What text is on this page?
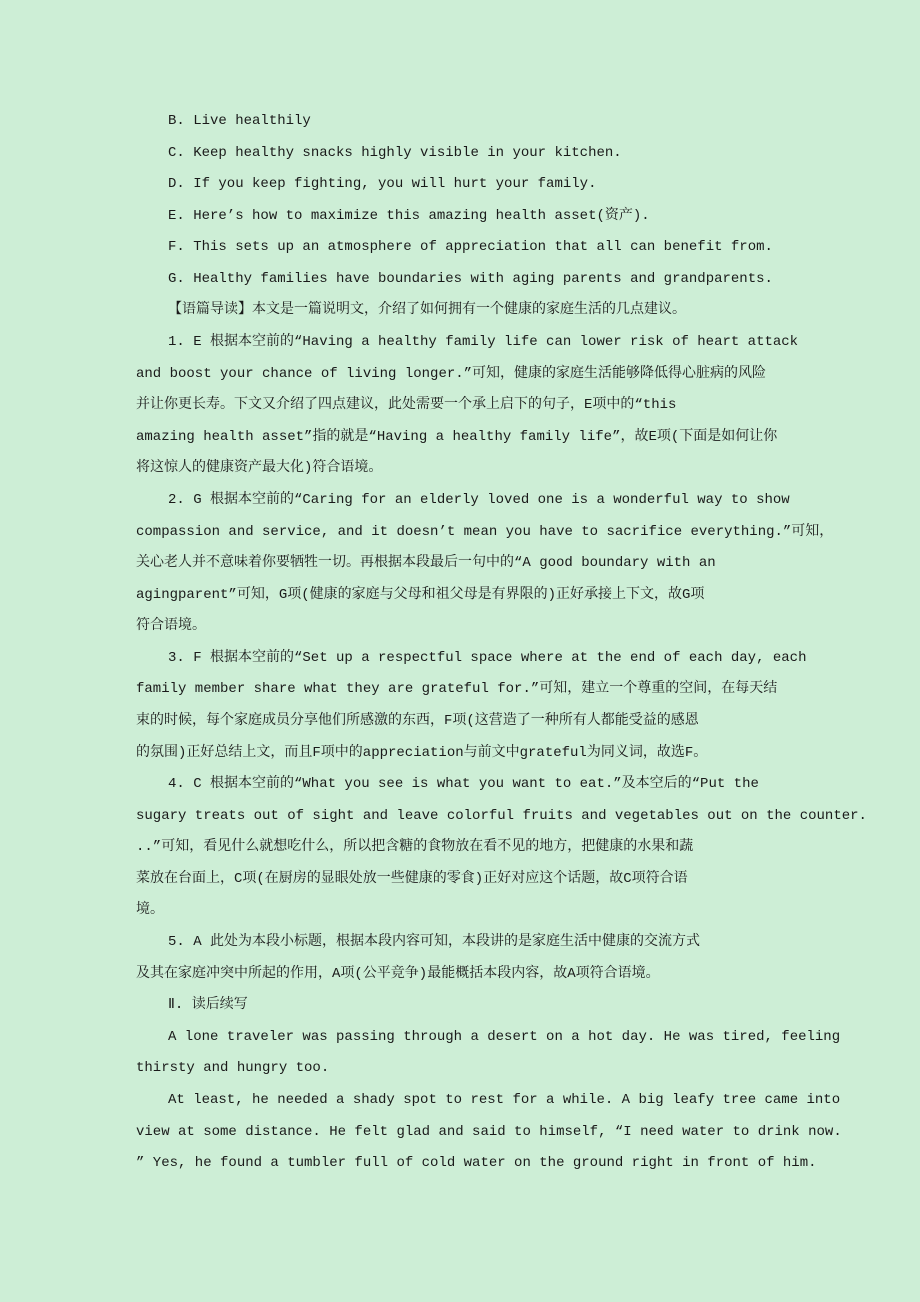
B. Live healthily
C. Keep healthy snacks highly visible in your kitchen.
D. If you keep fighting, you will hurt your family.
E. Here’s how to maximize this amazing health asset(资产).
F. This sets up an atmosphere of appreciation that all can benefit from.
G. Healthy families have boundaries with aging parents and grandparents.
【语篇导读】本文是一篇说明文，介绍了如何拥有一个健康的家庭生活的几点建议。
1. E 根据本空前的“Having a healthy family life can lower risk of heart attack
and boost your chance of living longer.”可知，健康的家庭生活能够降低得心脏病的风险
并让你更长寿。下文又介绍了四点建议，此处需要一个承上启下的句子，E项中的“this
amazing health asset”指的就是“Having a healthy family life”，故E项(下面是如何让你
将这惊人的健康资产最大化)符合语境。
2. G 根据本空前的“Caring for an elderly loved one is a wonderful way to show
compassion and service, and it doesn’t mean you have to sacrifice everything.”可知，
关心老人并不意味着你要牺牲一切。再根据本段最后一句中的“A good boundary with an
agingparent”可知，G项(健康的家庭与父母和祖父母是有界限的)正好承接上下文，故G项
符合语境。
3. F 根据本空前的“Set up a respectful space where at the end of each day, each
family member share what they are grateful for.”可知，建立一个尊重的空间，在每天结
束的时候，每个家庭成员分享他们所感激的东西，F项(这营造了一种所有人都能受益的感恩
的氛围)正好总结上文，而且F项中的appreciation与前文中grateful为同义词，故选F。
4. C 根据本空前的“What you see is what you want to eat.”及本空后的“Put the
sugary treats out of sight and leave colorful fruits and vegetables out on the counter.
..”可知，看见什么就想吃什么，所以把含糖的食物放在看不见的地方，把健康的水果和蔬
菜放在台面上，C项(在厨房的显眼处放一些健康的零食)正好对应这个话题，故C项符合语
境。
5. A 此处为本段小标题，根据本段内容可知，本段讲的是家庭生活中健康的交流方式
及其在家庭冲突中所起的作用，A项(公平竞争)最能概括本段内容，故A项符合语境。
Ⅱ. 读后续写
A lone traveler was passing through a desert on a hot day. He was tired, feeling
thirsty and hungry too.
At least, he needed a shady spot to rest for a while. A big leafy tree came into
view at some distance. He felt glad and said to himself, “I need water to drink now.
” Yes, he found a tumbler full of cold water on the ground right in front of him.
